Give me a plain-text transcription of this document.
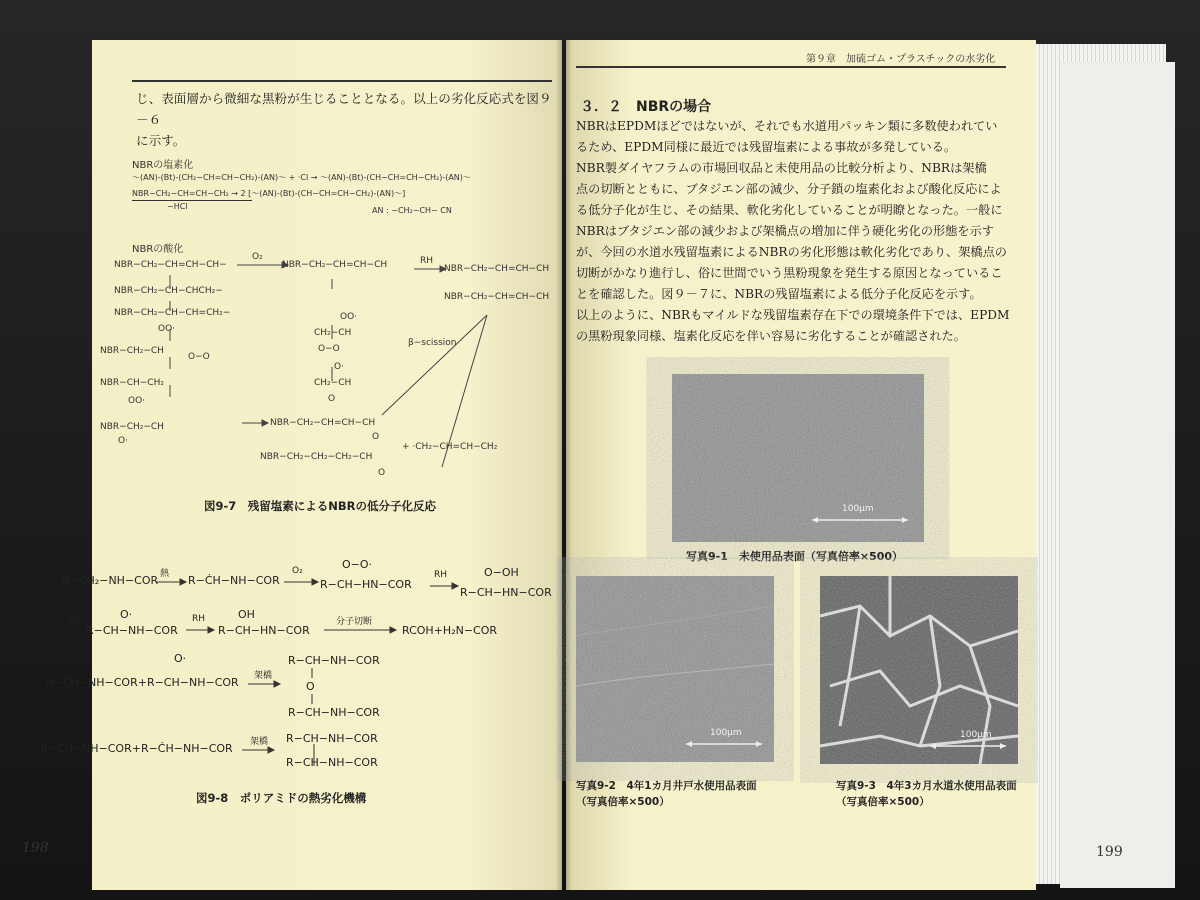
じ、表面層から微細な黒粉が生じることとなる。以上の劣化反応式を図９－６

に示す。

NBRの塩素化
〜(AN)-(Bt)-(CH₂−CH=CH−CH₂)-(AN)〜 + ·Cl → 〜(AN)-(Bt)-(CH−CH=CH−CH₂)-(AN)〜
NBR−CH₂−CH=CH−CH₂ → 2 [〜(AN)-(Bt)-(CH−CH=CH−CH₂)-(AN)〜]
−HCl	AN : −CH₂−CH− CN
NBRの酸化
O₂	RH
β−scission
NBR−CH₂−CH=CH−CH−
NBR−CH₂−CH−CHCH₂−
NBR−CH₂−CH−CH=CH₂−
OO·
NBR−CH₂−CH
O−O
NBR−CH−CH₂
OO·
NBR−CH₂−CH
O·
NBR−CH₂−CH=CH−CH	NBR−CH₂−CH=CH−CH
NBR−CH₂−CH=CH−CH
OO·
CH₂−CH
O−O
O·
CH₂−CH
O
NBR−CH₂−CH=CH−CH
O
+ ·CH₂−CH=CH−CH₂
NBR−CH₂−CH₂−CH₂−CH
O
図9-7　残留塩素によるNBRの低分子化反応
R−CH₂−NH−COR 熱 R−ĊH−NH−COR
O₂	O−O·
R−CH−HN−COR
RH	O−OH
R−CH−HN−COR
開裂	O·
R−CH−NH−COR
RH	OH
R−CH−HN−COR
分子切断
RCOH+H₂N−COR
O·
R−ĊH−NH−COR+R−CH−NH−COR 架橋
R−CH−NH−COR
O
R−CH−NH−COR
R−ĊH−NH−COR+R−ĊH−NH−COR 架橋 R−CH−NH−COR
R−CH−NH−COR
図9-8　ポリアミドの熱劣化機構
198
第９章　加硫ゴム・プラスチックの水劣化
３．２　NBRの場合

NBRはEPDMほどではないが、それでも水道用パッキン類に多数使われてい

るため、EPDM同様に最近では残留塩素による事故が多発している。

NBR製ダイヤフラムの市場回収品と未使用品の比較分析より、NBRは架橋

点の切断とともに、ブタジエン部の減少、分子鎖の塩素化および酸化反応によ

る低分子化が生じ、その結果、軟化劣化していることが明瞭となった。一般に

NBRはブタジエン部の減少および架橋点の増加に伴う硬化劣化の形態を示す

が、今回の水道水残留塩素によるNBRの劣化形態は軟化劣化であり、架橋点の

切断がかなり進行し、俗に世間でいう黒粉現象を発生する原因となっているこ

とを確認した。図９－７に、NBRの残留塩素による低分子化反応を示す。

以上のように、NBRもマイルドな残留塩素存在下での環境条件下では、EPDM

の黒粉現象同様、塩素化反応を伴い容易に劣化することが確認された。

100μm
写真9-1　未使用品表面（写真倍率×500）
100μm
写真9-2　4年1カ月井戸水使用品表面
（写真倍率×500）
100μm
写真9-3　4年3カ月水道水使用品表面
（写真倍率×500）
199
